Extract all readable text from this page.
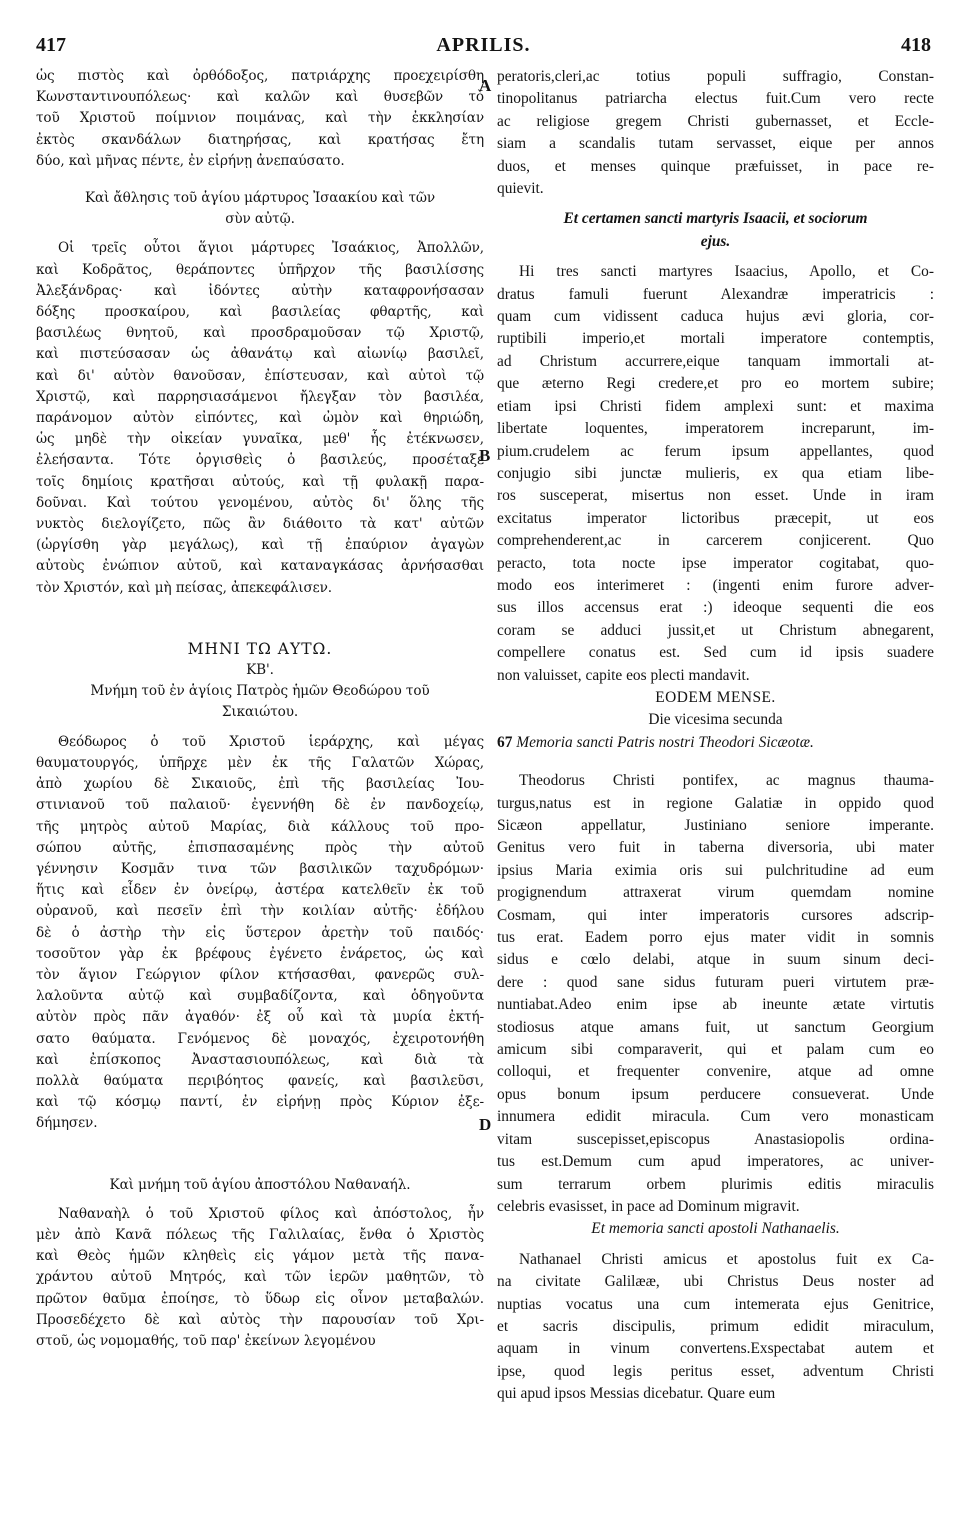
417	APRILIS.	418
A
B
D
ὡς πιστὸς καὶ ὀρθόδοξος, πατριάρχης προεχειρίσθη
Κωνσταντινουπόλεως· καὶ καλῶν καὶ θυσεβῶν τὸ
τοῦ Χριστοῦ ποίμνιον ποιμάνας, καὶ τὴν ἐκκλησίαν
ἐκτὸς σκανδάλων διατηρήσας, καὶ κρατήσας ἔτη
δύο, καὶ μῆνας πέντε, ἐν εἰρήνῃ ἀνεπαύσατο.
Καὶ ἄθλησις τοῦ ἁγίου μάρτυρος Ἰσαακίου καὶ τῶν
σὺν αὐτῷ.
Οἱ τρεῖς οὗτοι ἅγιοι μάρτυρες Ἰσαάκιος, Ἀπολλῶν,
καὶ Κοδρᾶτος, θεράποντες ὑπῆρχον τῆς βασιλίσσης
Ἀλεξάνδρας· καὶ ἰδόντες αὐτὴν καταφρονήσασαν
δόξης προσκαίρου, καὶ βασιλείας φθαρτῆς, καὶ
βασιλέως θνητοῦ, καὶ προσδραμοῦσαν τῷ Χριστῷ,
καὶ πιστεύσασαν ὡς ἀθανάτῳ καὶ αἰωνίῳ βασιλεῖ,
καὶ δι' αὐτὸν θανοῦσαν, ἐπίστευσαν, καὶ αὐτοὶ τῷ
Χριστῷ, καὶ παρρησιασάμενοι ἤλεγξαν τὸν βασιλέα,
παράνομον αὐτὸν εἰπόντες, καὶ ὠμὸν καὶ θηριώδη,
ὡς μηδὲ τὴν οἰκείαν γυναῖκα, μεθ' ἧς ἐτέκνωσεν,
ἐλεήσαντα. Τότε ὀργισθεὶς ὁ βασιλεύς, προσέταξε
τοῖς δημίοις κρατῆσαι αὐτούς, καὶ τῇ φυλακῇ παρα-
δοῦναι. Καὶ τούτου γενομένου, αὐτὸς δι' ὅλης τῆς
νυκτὸς διελογίζετο, πῶς ἂν διάθοιτο τὰ κατ' αὐτῶν
(ὠργίσθη γὰρ μεγάλως), καὶ τῇ ἐπαύριον ἀγαγὼν
αὐτοὺς ἐνώπιον αὐτοῦ, καὶ καταναγκάσας ἀρνήσασθαι
τὸν Χριστόν, καὶ μὴ πείσας, ἀπεκεφάλισεν.
ΜΗΝΙ ΤΩ ΑΥΤΩ.
ΚΒ'.
Μνήμη τοῦ ἐν ἁγίοις Πατρὸς ἡμῶν Θεοδώρου τοῦ
Σικαιώτου.
Θεόδωρος ὁ τοῦ Χριστοῦ ἱεράρχης, καὶ μέγας
θαυματουργός, ὑπῆρχε μὲν ἐκ τῆς Γαλατῶν Χώρας,
ἀπὸ χωρίου δὲ Σικαιοῦς, ἐπὶ τῆς βασιλείας Ἰου-
στινιανοῦ τοῦ παλαιοῦ· ἐγεννήθη δὲ ἐν πανδοχείῳ,
τῆς μητρὸς αὐτοῦ Μαρίας, διὰ κάλλους τοῦ προ-
σώπου αὐτῆς, ἐπισπασαμένης πρὸς τὴν αὐτοῦ
γέννησιν Κοσμᾶν τινα τῶν βασιλικῶν ταχυδρόμων·
ἥτις καὶ εἶδεν ἐν ὀνείρῳ, ἀστέρα κατελθεῖν ἐκ τοῦ
οὐρανοῦ, καὶ πεσεῖν ἐπὶ τὴν κοιλίαν αὐτῆς· ἐδήλου
δὲ ὁ ἀστὴρ τὴν εἰς ὕστερον ἀρετὴν τοῦ παιδός·
τοσοῦτον γὰρ ἐκ βρέφους ἐγένετο ἐνάρετος, ὡς καὶ
τὸν ἅγιον Γεώργιον φίλον κτήσασθαι, φανερῶς συλ-
λαλοῦντα αὐτῷ καὶ συμβαδίζοντα, καὶ ὁδηγοῦντα
αὐτὸν πρὸς πᾶν ἀγαθόν· ἐξ οὗ καὶ τὰ μυρία ἐκτή-
σατο θαύματα. Γενόμενος δὲ μοναχός, ἐχειροτονήθη
καὶ ἐπίσκοπος Ἀναστασιουπόλεως, καὶ διὰ τὰ
πολλὰ θαύματα περιβόητος φανείς, καὶ βασιλεῦσι,
καὶ τῷ κόσμῳ παντί, ἐν εἰρήνῃ πρὸς Κύριον ἐξε-
δήμησεν.
Καὶ μνήμη τοῦ ἁγίου ἀποστόλου Ναθαναήλ.
Ναθαναὴλ ὁ τοῦ Χριστοῦ φίλος καὶ ἀπόστολος, ἦν
μὲν ἀπὸ Κανᾶ πόλεως τῆς Γαλιλαίας, ἔνθα ὁ Χριστὸς
καὶ Θεὸς ἡμῶν κληθεὶς εἰς γάμον μετὰ τῆς πανα-
χράντου αὐτοῦ Μητρός, καὶ τῶν ἱερῶν μαθητῶν, τὸ
πρῶτον θαῦμα ἐποίησε, τὸ ὕδωρ εἰς οἶνον μεταβαλών.
Προσεδέχετο δὲ καὶ αὐτὸς τὴν παρουσίαν τοῦ Χρι-
στοῦ, ὡς νομομαθής, τοῦ παρ' ἐκείνων λεγομένου
peratoris,cleri,ac totius populi suffragio, Constan-
tinopolitanus patriarcha electus fuit.Cum vero recte
ac religiose gregem Christi gubernasset, et Eccle-
siam a scandalis tutam servasset, eique per annos
duos, et menses quinque præfuisset, in pace re-
quievit.
Et certamen sancti martyris Isaacii, et sociorum
ejus.
Hi tres sancti martyres Isaacius, Apollo, et Co-
dratus famuli fuerunt Alexandræ imperatricis :
quam cum vidissent caduca hujus ævi gloria, cor-
ruptibili imperio,et mortali imperatore contemptis,
ad Christum accurrere,eique tanquam immortali at-
que æterno Regi credere,et pro eo mortem subire;
etiam ipsi Christi fidem amplexi sunt: et maxima
libertate loquentes, imperatorem increparunt, im-
pium.crudelem ac ferum ipsum appellantes, quod
conjugio sibi junctæ mulieris, ex qua etiam libe-
ros susceperat, misertus non esset. Unde in iram
excitatus imperator lictoribus præcepit, ut eos
comprehenderent,ac in carcerem conjicerent. Quo
peracto, tota nocte ipse imperator cogitabat, quo-
modo eos interimeret : (ingenti enim furore adver-
sus illos accensus erat :) ideoque sequenti die eos
coram se adduci jussit,et ut Christum abnegarent,
compellere conatus est. Sed cum id ipsis suadere
non valuisset, capite eos plecti mandavit.
EODEM MENSE.
Die vicesima secunda
67 Memoria sancti Patris nostri Theodori Sicæotæ.
Theodorus Christi pontifex, ac magnus thauma-
turgus,natus est in regione Galatiæ in oppido quod
Sicæon appellatur, Justiniano seniore imperante.
Genitus vero fuit in taberna diversoria, ubi mater
ipsius Maria eximia oris sui pulchritudine ad eum
progignendum attraxerat virum quemdam nomine
Cosmam, qui inter imperatoris cursores adscrip-
tus erat. Eadem porro ejus mater vidit in somnis
sidus e cœlo delabi, atque in suum sinum deci-
dere : quod sane sidus futuram pueri virtutem præ-
nuntiabat.Adeo enim ipse ab ineunte ætate virtutis
stodiosus atque amans fuit, ut sanctum Georgium
amicum sibi comparaverit, qui et palam cum eo
colloqui, et frequenter convenire, atque ad omne
opus bonum ipsum perducere consueverat. Unde
innumera edidit miracula. Cum vero monasticam
vitam suscepisset,episcopus Anastasiopolis ordina-
tus est.Demum cum apud imperatores, ac univer-
sum terrarum orbem plurimis editis miraculis
celebris evasisset, in pace ad Dominum migravit.
Et memoria sancti apostoli Nathanaelis.
Nathanael Christi amicus et apostolus fuit ex Ca-
na civitate Galilææ, ubi Christus Deus noster ad
nuptias vocatus una cum intemerata ejus Genitrice,
et sacris discipulis, primum edidit miraculum,
aquam in vinum convertens.Exspectabat autem et
ipse, quod legis peritus esset, adventum Christi
qui apud ipsos Messias dicebatur. Quare eum
